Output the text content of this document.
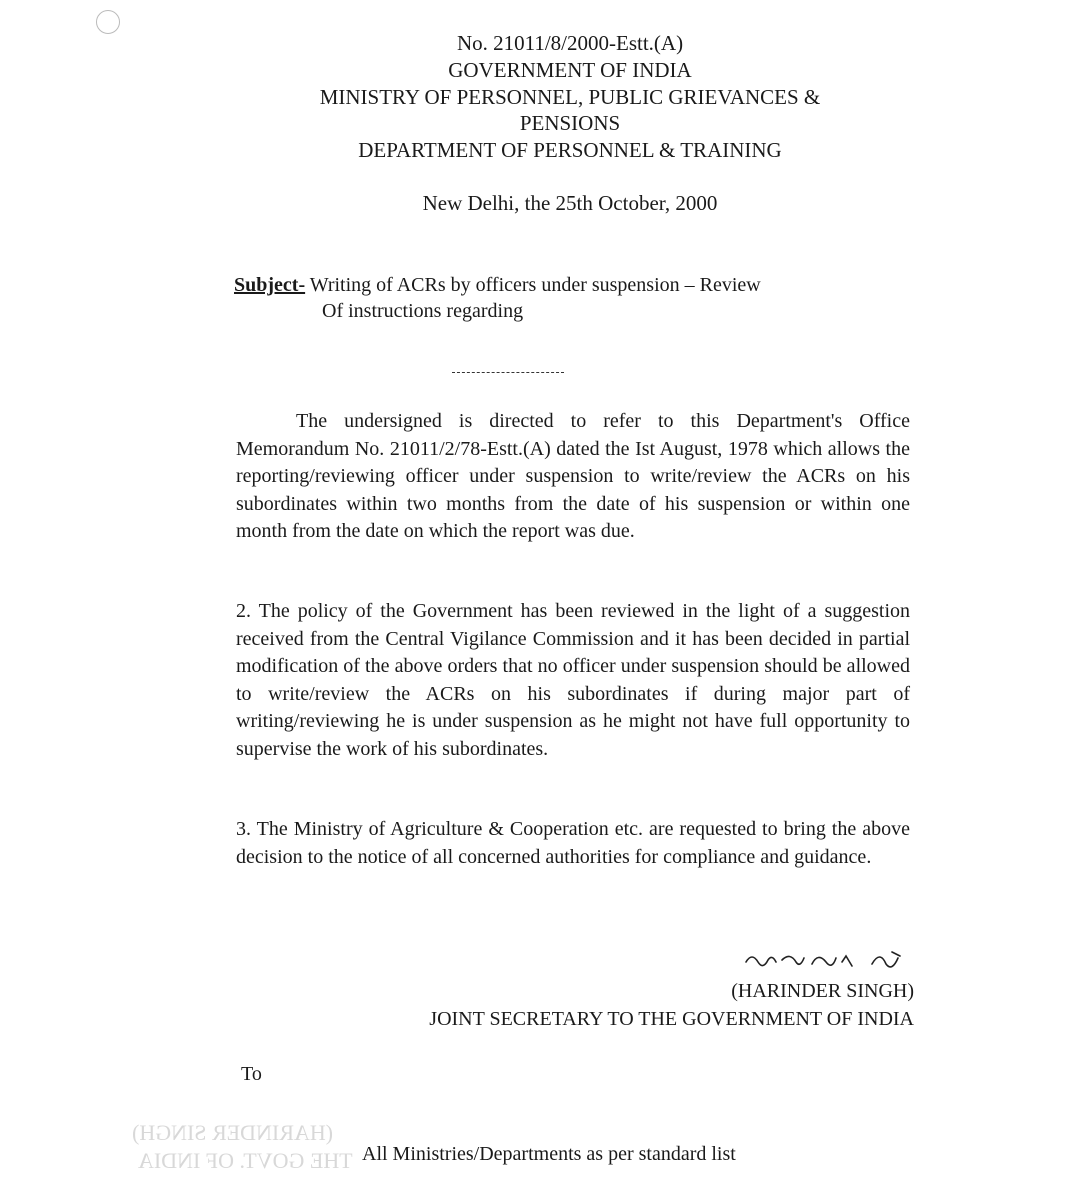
No. 21011/8/2000-Estt.(A)
GOVERNMENT OF INDIA
MINISTRY OF PERSONNEL, PUBLIC GRIEVANCES &
PENSIONS
DEPARTMENT OF PERSONNEL & TRAINING
New Delhi, the 25th October, 2000
Subject- Writing of ACRs by officers under suspension – Review
Of instructions regarding

The undersigned is directed to refer to this Department's Office Memorandum No. 21011/2/78-Estt.(A) dated the Ist August, 1978 which allows the reporting/reviewing officer under suspension to write/review the ACRs on his subordinates within two months from the date of his suspension or within one month from the date on which the report was due.

2. The policy of the Government has been reviewed in the light of a suggestion received from the Central Vigilance Commission and it has been decided in partial modification of the above orders that no officer under suspension should be allowed to write/review the ACRs on his subordinates if during major part of writing/reviewing he is under suspension as he might not have full opportunity to supervise the work of his subordinates.

3. The Ministry of Agriculture & Cooperation etc. are requested to bring the above decision to the notice of all concerned authorities for compliance and guidance.

(HARINDER SINGH)
JOINT SECRETARY TO THE GOVERNMENT OF INDIA
To
(HARINDER SINGH)
THE GOVT. OF INDIA All Ministries/Departments as per standard list
